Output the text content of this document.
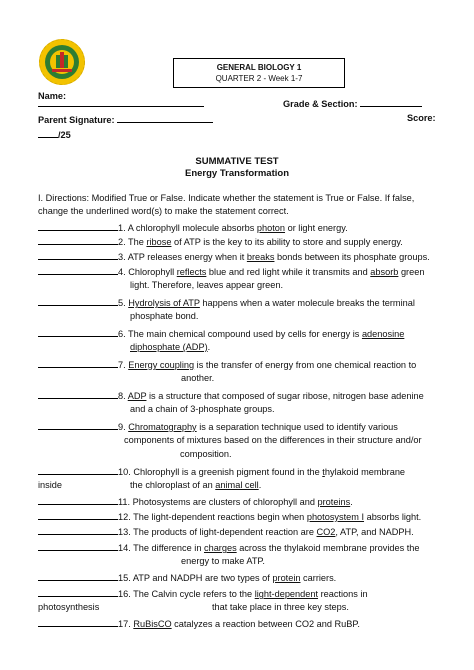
GENERAL BIOLOGY 1
QUARTER 2 - Week 1-7
Name:
Grade & Section:
Parent Signature:	Score:
/25
SUMMATIVE TEST
Energy Transformation
I. Directions: Modified True or False. Indicate whether the statement is True or False. If false,
change the underlined word(s) to make the statement correct.
1. A chlorophyll molecule absorbs photon or light energy.
2. The ribose of ATP is the key to its ability to store and supply energy.
3. ATP releases energy when it breaks bonds between its phosphate groups.
4. Chlorophyll reflects blue and red light while it transmits and absorb green
light. Therefore, leaves appear green.
5. Hydrolysis of ATP happens when a water molecule breaks the terminal
phosphate bond.
6. The main chemical compound used by cells for energy is adenosine
diphosphate (ADP).
7. Energy coupling is the transfer of energy from one chemical reaction to
another.
8. ADP is a structure that composed of sugar ribose, nitrogen base adenine
and a chain of 3-phosphate groups.
9. Chromatography is a separation technique used to identify various
components of mixtures based on the differences in their structure and/or
composition.
10. Chlorophyll is a greenish pigment found in the thylakoid membrane
inside	the chloroplast of an animal cell.
11. Photosystems are clusters of chlorophyll and proteins.
12. The light-dependent reactions begin when photosystem I absorbs light.
13. The products of light-dependent reaction are CO2, ATP, and NADPH.
14. The difference in charges across the thylakoid membrane provides the
energy to make ATP.
15. ATP and NADPH are two types of protein carriers.
16. The Calvin cycle refers to the light-dependent reactions in
photosynthesis	that take place in three key steps.
17. RuBisCO catalyzes a reaction between CO2 and RuBP.
